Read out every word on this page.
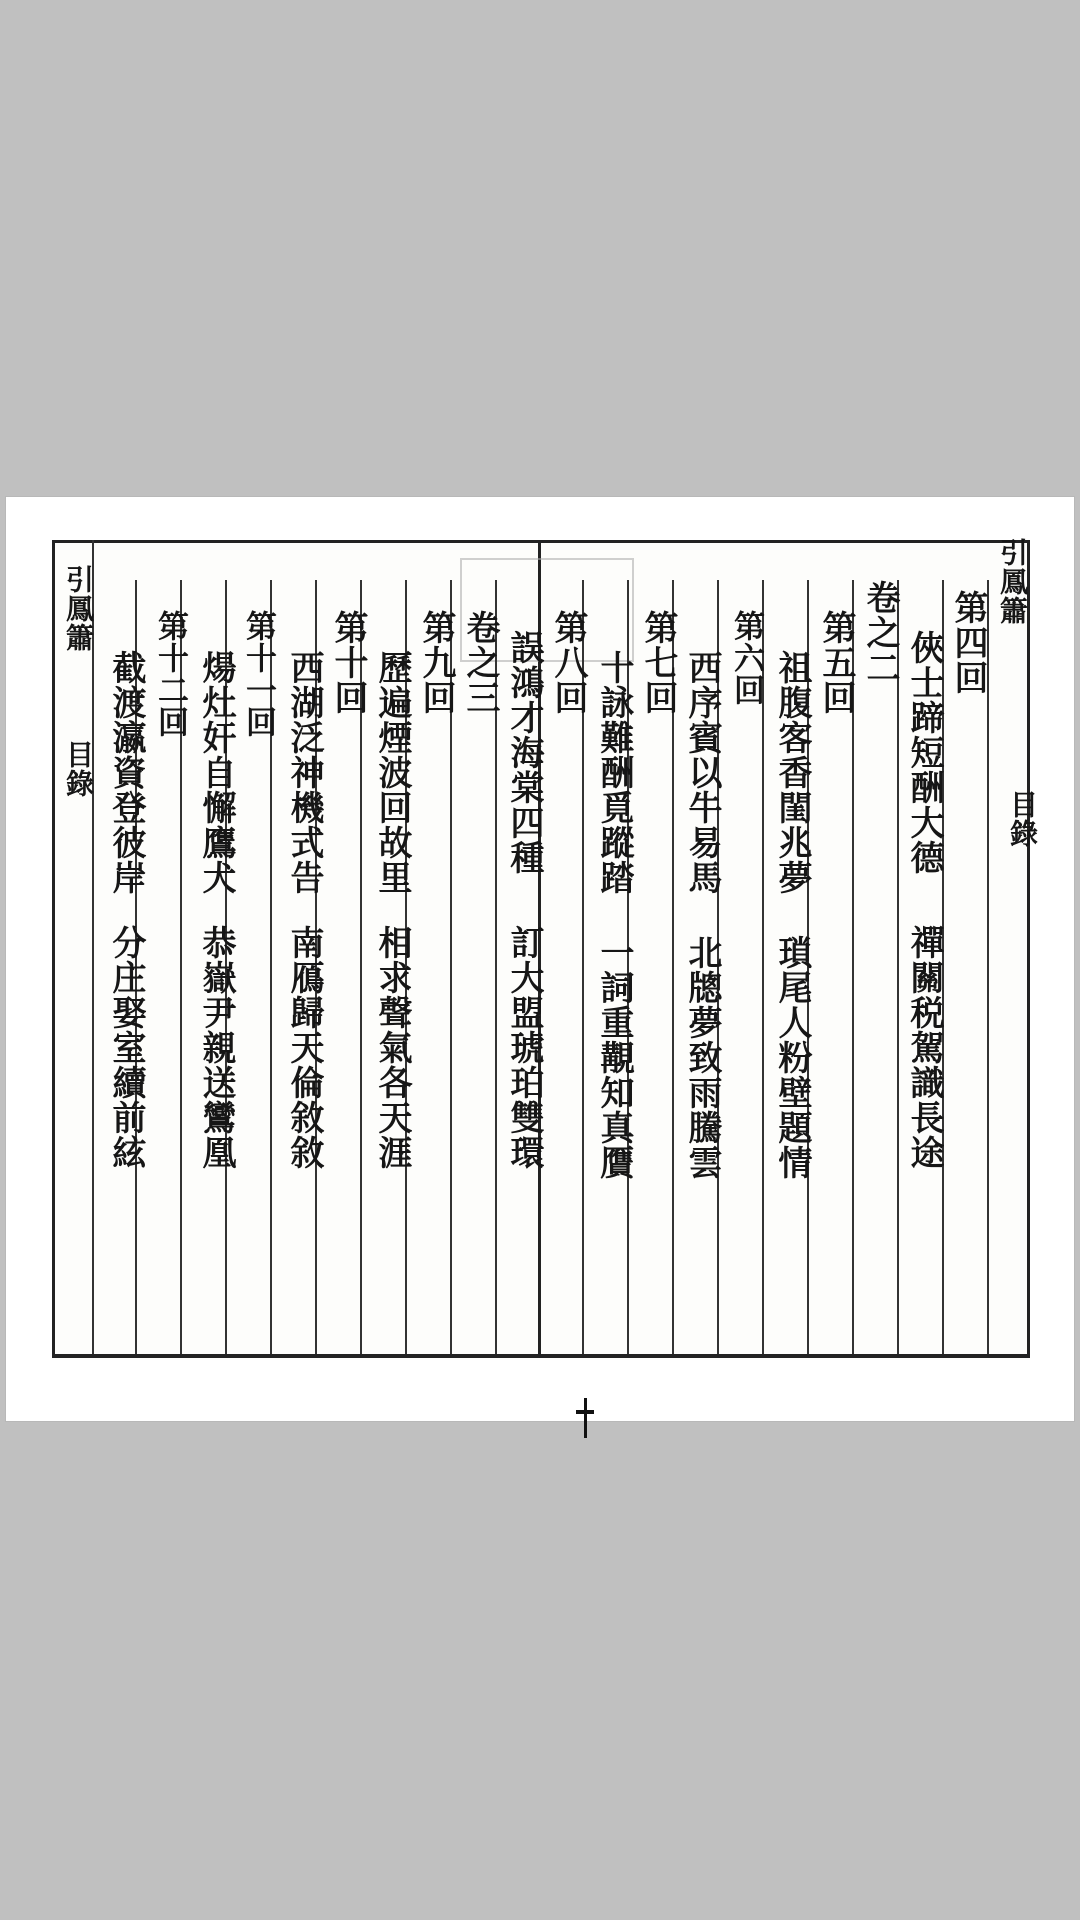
引鳳簫
目錄
第四回
俠士蹄短酬大德
禪關税駕識長途
卷之二
第五回
祖腹客香閨兆夢
瑣尾人粉壁題情
第六回
西序賓以牛易馬
北牕夢致雨騰雲
第七回
十詠難酬覓蹤踏
一詞重覯知真贋
第八回
誤鴻才海棠四種
訂大盟琥珀雙環
卷之三
第九回
歷遍煙波回故里
相求聲氣各天涯
第十回
西湖泛神機式告
南鴈歸天倫敘敘
第十一回
煬灶奸自懈鷹犬
恭嶽尹親送鸞凰
第十二回
截渡瀛資登彼岸
分庄娶室續前絃
引鳳簫
目錄
